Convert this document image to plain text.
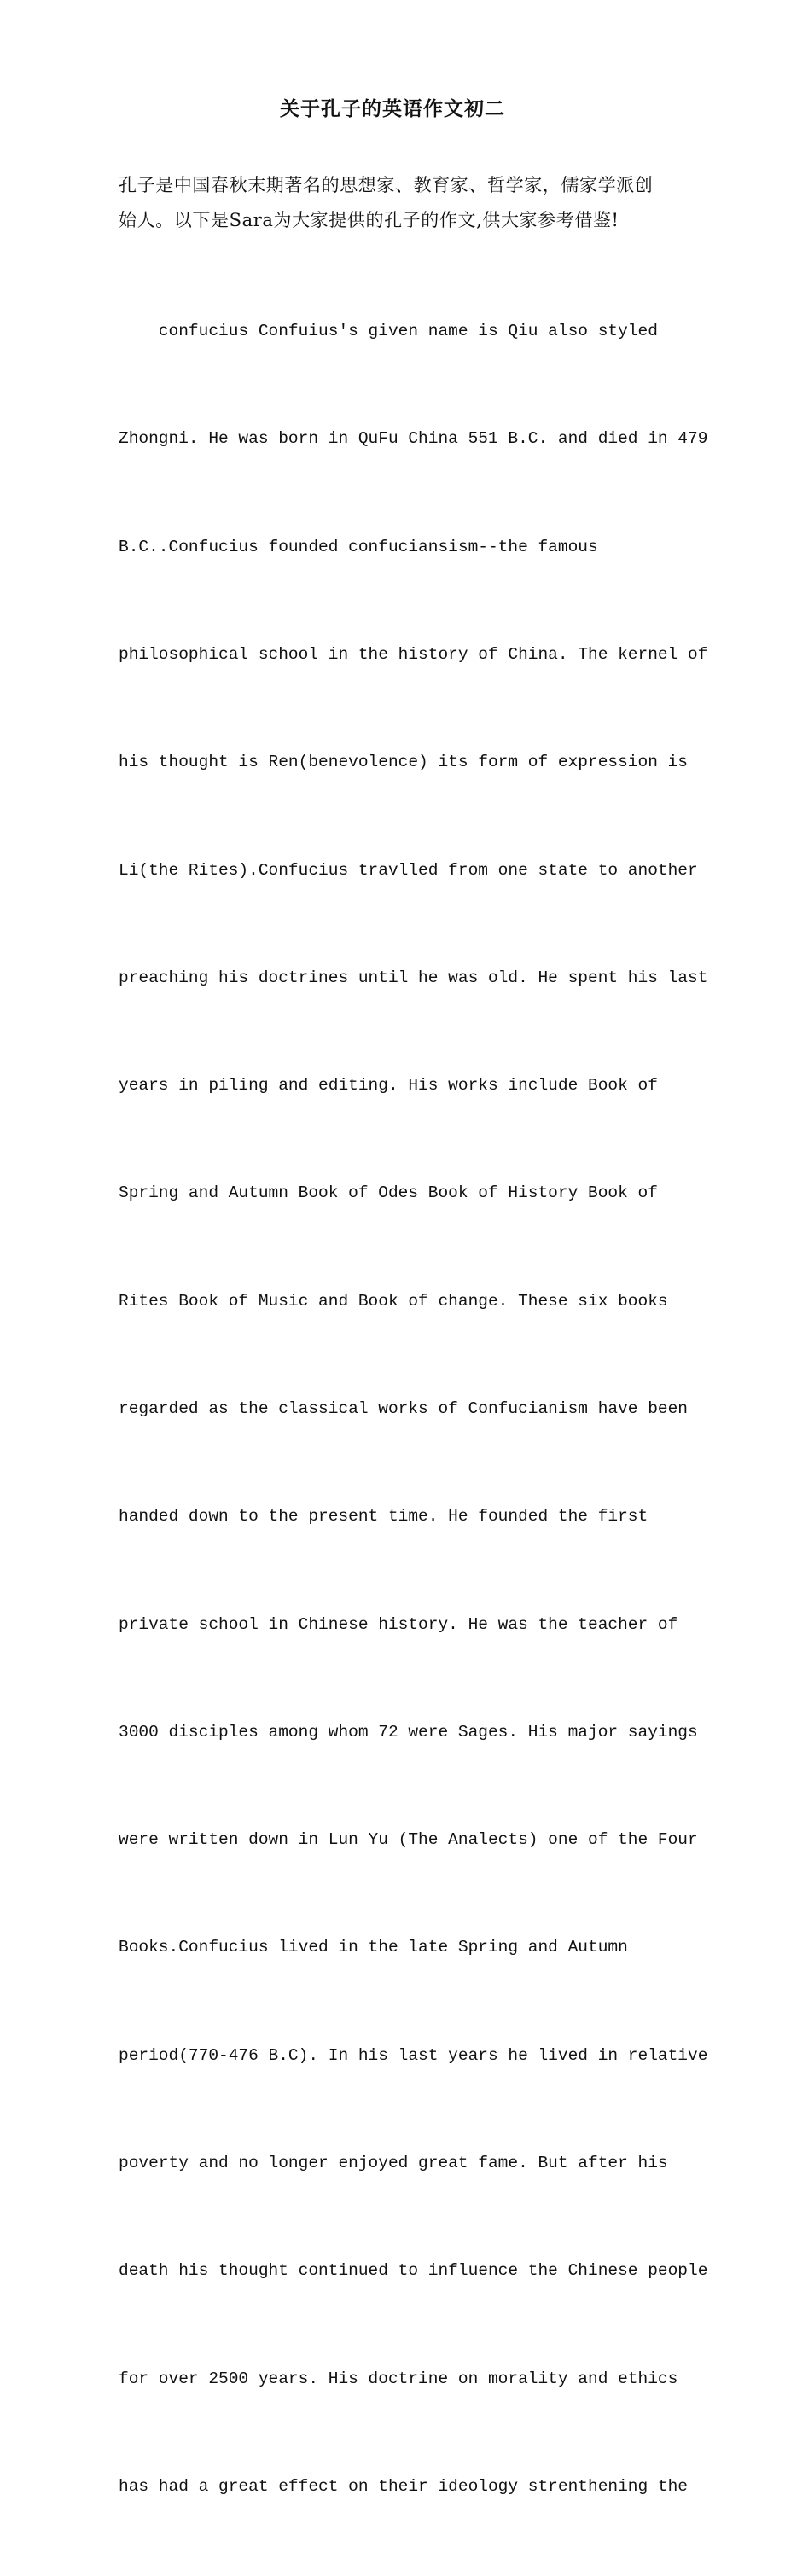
关于孔子的英语作文初二

孔子是中国春秋末期著名的思想家、教育家、哲学家，儒家学派创
始人。以下是Sara为大家提供的孔子的作文,供大家参考借鉴!

confucius Confuius's given name is Qiu also styled

Zhongni. He was born in QuFu China 551 B.C. and died in 479

B.C..Confucius founded confuciansism--the famous

philosophical school in the history of China. The kernel of

his thought is Ren(benevolence) its form of expression is

Li(the Rites).Confucius travlled from one state to another

preaching his doctrines until he was old. He spent his last

years in piling and editing. His works include Book of

Spring and Autumn Book of Odes Book of History Book of

Rites Book of Music and Book of change. These six books

regarded as the classical works of Confucianism have been

handed down to the present time. He founded the first

private school in Chinese history. He was the teacher of

3000 disciples among whom 72 were Sages. His major sayings

were written down in Lun Yu (The Analects) one of the Four

Books.Confucius lived in the late Spring and Autumn

period(770-476 B.C). In his last years he lived in relative

poverty and no longer enjoyed great fame. But after his

death his thought continued to influence the Chinese people

for over 2500 years. His doctrine on morality and ethics

has had a great effect on their ideology strenthening the
